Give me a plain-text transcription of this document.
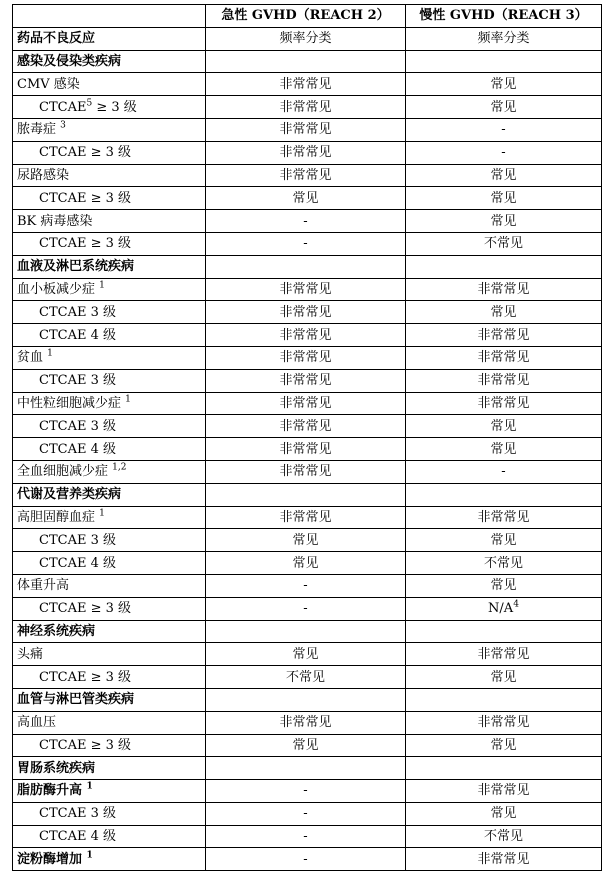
	急性 GVHD（REACH 2）	慢性 GVHD（REACH 3）
药品不良反应	频率分类	频率分类
感染及侵染类疾病		
CMV 感染	非常常见	常见
$CTCAE^5 \ge 3$ 级	非常常见	常见
脓毒症 $^3$	非常常见	-
CTCAE ≥ 3 级	非常常见	-
尿路感染	非常常见	常见
CTCAE ≥ 3 级	常见	常见
BK 病毒感染	-	常见
CTCAE ≥ 3 级	-	不常见
血液及淋巴系统疾病		
血小板减少症 $^1$	非常常见	非常常见
CTCAE 3 级	非常常见	常见
CTCAE 4 级	非常常见	非常常见
贫血 $^1$	非常常见	非常常见
CTCAE 3 级	非常常见	非常常见
中性粒细胞减少症 $^1$	非常常见	非常常见
CTCAE 3 级	非常常见	常见
CTCAE 4 级	非常常见	常见
全血细胞减少症 $^{1,2}$	非常常见	-
代谢及营养类疾病		
高胆固醇血症 $^1$	非常常见	非常常见
CTCAE 3 级	常见	常见
CTCAE 4 级	常见	不常见
体重升高	-	常见
CTCAE ≥ 3 级	-	$N/A^4$
神经系统疾病		
头痛	常见	非常常见
CTCAE ≥ 3 级	不常见	常见
血管与淋巴管类疾病		
高血压	非常常见	非常常见
CTCAE ≥ 3 级	常见	常见
胃肠系统疾病		
脂肪酶升高 $^1$	-	非常常见
CTCAE 3 级	-	常见
CTCAE 4 级	-	不常见
淀粉酶增加 $^1$	-	非常常见
